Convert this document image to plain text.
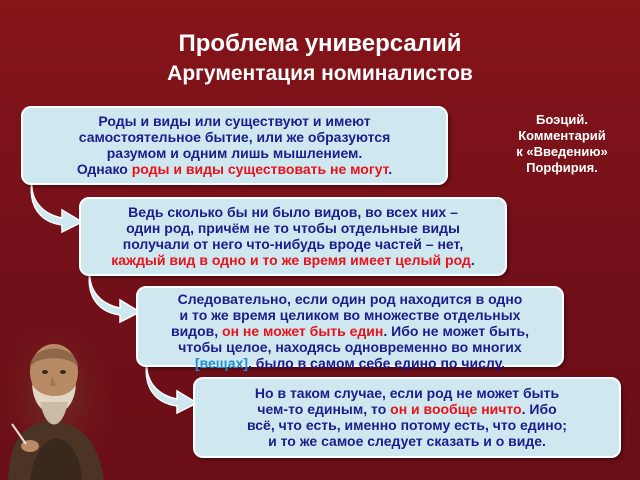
Проблема универсалий
Аргументация номиналистов
Боэций.
Комментарий
к «Введению»
Порфирия.
Роды и виды или существуют и имеют
самостоятельное бытие, или же образуются
разумом и одним лишь мышлением.
Однако роды и виды существовать не могут.
Ведь сколько бы ни было видов, во всех них –
один род, причём не то чтобы отдельные виды
получали от него что-нибудь вроде частей – нет,
каждый вид в одно и то же время имеет целый род.
Следовательно, если один род находится в одно
и то же время целиком во множестве отдельных
видов, он не может быть един. Ибо не может быть,
чтобы целое, находясь одновременно во многих
[вещах], было в самом себе едино по числу.
Но в таком случае, если род не может быть
чем-то единым, то он и вообще ничто. Ибо
всё, что есть, именно потому есть, что едино;
и то же самое следует сказать и о виде.
